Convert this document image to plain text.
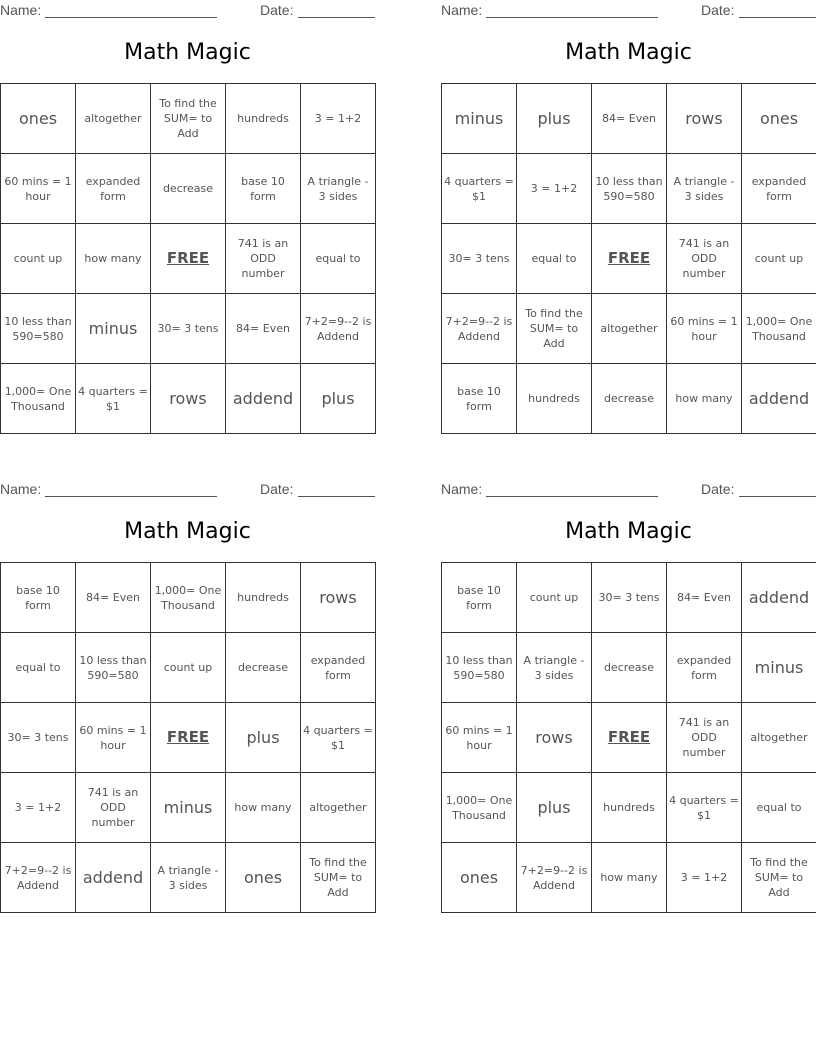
Name:	Date:
Math Magic
ones	altogether	To find the SUM= to Add	hundreds	3 = 1+2
60 mins = 1 hour	expanded form	decrease	base 10 form	A triangle - 3 sides
count up	how many	FREE	741 is an ODD number	equal to
10 less than 590=580	minus	30= 3 tens	84= Even	7+2=9--2 is Addend
1,000= One Thousand	4 quarters = $1	rows	addend	plus
Name:	Date:
Math Magic
minus	plus	84= Even	rows	ones
4 quarters = $1	3 = 1+2	10 less than 590=580	A triangle - 3 sides	expanded form
30= 3 tens	equal to	FREE	741 is an ODD number	count up
7+2=9--2 is Addend	To find the SUM= to Add	altogether	60 mins = 1 hour	1,000= One Thousand
base 10 form	hundreds	decrease	how many	addend
Name:	Date:
Math Magic
base 10 form	84= Even	1,000= One Thousand	hundreds	rows
equal to	10 less than 590=580	count up	decrease	expanded form
30= 3 tens	60 mins = 1 hour	FREE	plus	4 quarters = $1
3 = 1+2	741 is an ODD number	minus	how many	altogether
7+2=9--2 is Addend	addend	A triangle - 3 sides	ones	To find the SUM= to Add
Name:	Date:
Math Magic
base 10 form	count up	30= 3 tens	84= Even	addend
10 less than 590=580	A triangle - 3 sides	decrease	expanded form	minus
60 mins = 1 hour	rows	FREE	741 is an ODD number	altogether
1,000= One Thousand	plus	hundreds	4 quarters = $1	equal to
ones	7+2=9--2 is Addend	how many	3 = 1+2	To find the SUM= to Add
